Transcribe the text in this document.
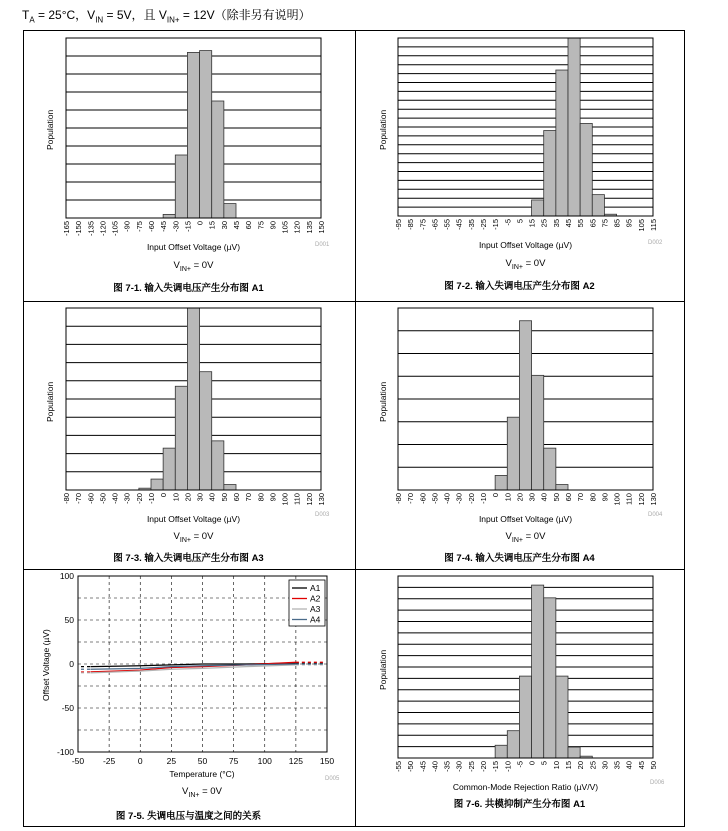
$T_A = 25^\circ C$，$V_{IN} = 5V$，且 $V_{IN+} = 12V$（除非另有说明）
-165 -150 -135 -120 -105 -90 -75 -60 -45 -30 -15 0 15 30 45 60 75 90 105 120 135 150
Population
Input Offset Voltage (µV)	D001
$V_{IN+} = 0V$
图 7-1. 输入失调电压产生分布图 A1
-95 -85 -75 -65 -55 -45 -35 -25 -15 -5 5 15 25 35 45 55 65 75 85 95 105 115
Population
Input Offset Voltage (µV)	D002
$V_{IN+} = 0V$
图 7-2. 输入失调电压产生分布图 A2
-80 -70 -60 -50 -40 -30 -20 -10 0 10 20 30 40 50 60 70 80 90 100 110 120 130
Population
Input Offset Voltage (µV)	D003
$V_{IN+} = 0V$
图 7-3. 输入失调电压产生分布图 A3
-80 -70 -60 -50 -40 -30 -20 -10 0 10 20 30 40 50 60 70 80 90 100 110 120 130
Population
Input Offset Voltage (µV)	D004
$V_{IN+} = 0V$
图 7-4. 输入失调电压产生分布图 A4
-50 -25	0	25	50	75 100 125 150
100
50
0
-50
-100
A1
A2
A3
A4
Offset Voltage (µV)
Temperature (°C)	D005
$V_{IN+} = 0V$
图 7-5. 失调电压与温度之间的关系
-55 -50 -45 -40 -35 -30 -25 -20 -15 -10 -5 0 5 10 15 20 25 30 35 40 45 50
Population
Common-Mode Rejection Ratio (µV/V)	D006
图 7-6. 共模抑制产生分布图 A1
